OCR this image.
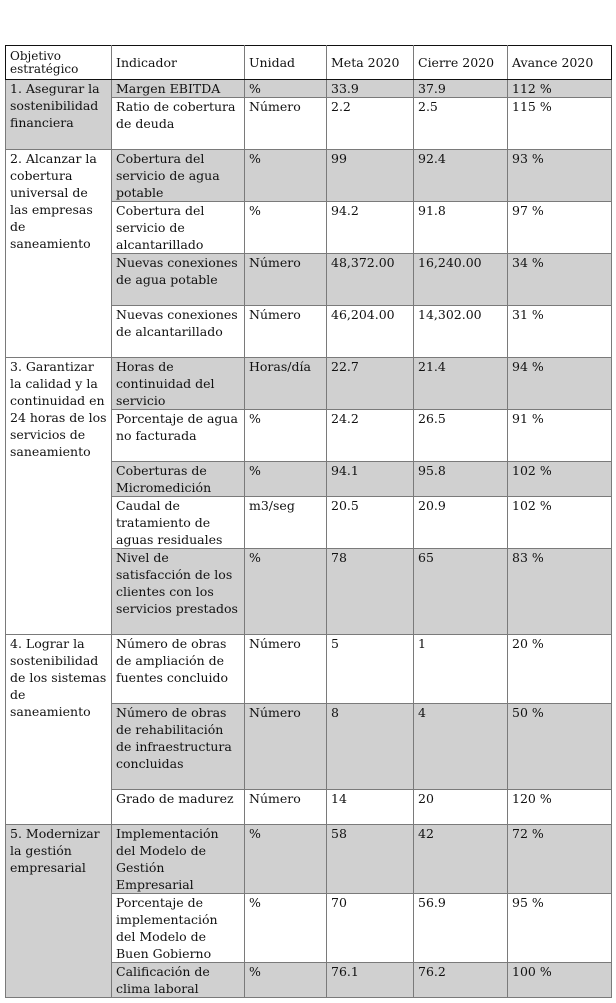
Objetivo estratégico	Indicador	Unidad	Meta 2020	Cierre 2020	Avance 2020
1. Asegurar la sostenibilidad financiera	Margen EBITDA	%	33.9	37.9	112 %
	Ratio de cobertura de deuda	Número	2.2	2.5	115 %
2. Alcanzar la cobertura universal de las empresas de saneamiento	Cobertura del servicio de agua potable	%	99	92.4	93 %
	Cobertura del servicio de alcantarillado	%	94.2	91.8	97 %
	Nuevas conexiones de agua potable	Número	48,372.00	16,240.00	34 %
	Nuevas conexiones de alcantarillado	Número	46,204.00	14,302.00	31 %
3. Garantizar la calidad y la continuidad en 24 horas de los servicios de saneamiento	Horas de continuidad del servicio	Horas/día	22.7	21.4	94 %
	Porcentaje de agua no facturada	%	24.2	26.5	91 %
	Coberturas de Micromedición	%	94.1	95.8	102 %
	Caudal de tratamiento de aguas residuales	m3/seg	20.5	20.9	102 %
	Nivel de satisfacción de los clientes con los servicios prestados	%	78	65	83 %
4. Lograr la sostenibilidad de los sistemas de saneamiento	Número de obras de ampliación de fuentes concluido	Número	5	1	20 %
	Número de obras de rehabilitación de infraestructura concluidas	Número	8	4	50 %
	Grado de madurez	Número	14	20	120 %
5. Modernizar la gestión empresarial	Implementación del Modelo de Gestión Empresarial	%	58	42	72 %
	Porcentaje de implementación del Modelo de Buen Gobierno	%	70	56.9	95 %
	Calificación de clima laboral	%	76.1	76.2	100 %
